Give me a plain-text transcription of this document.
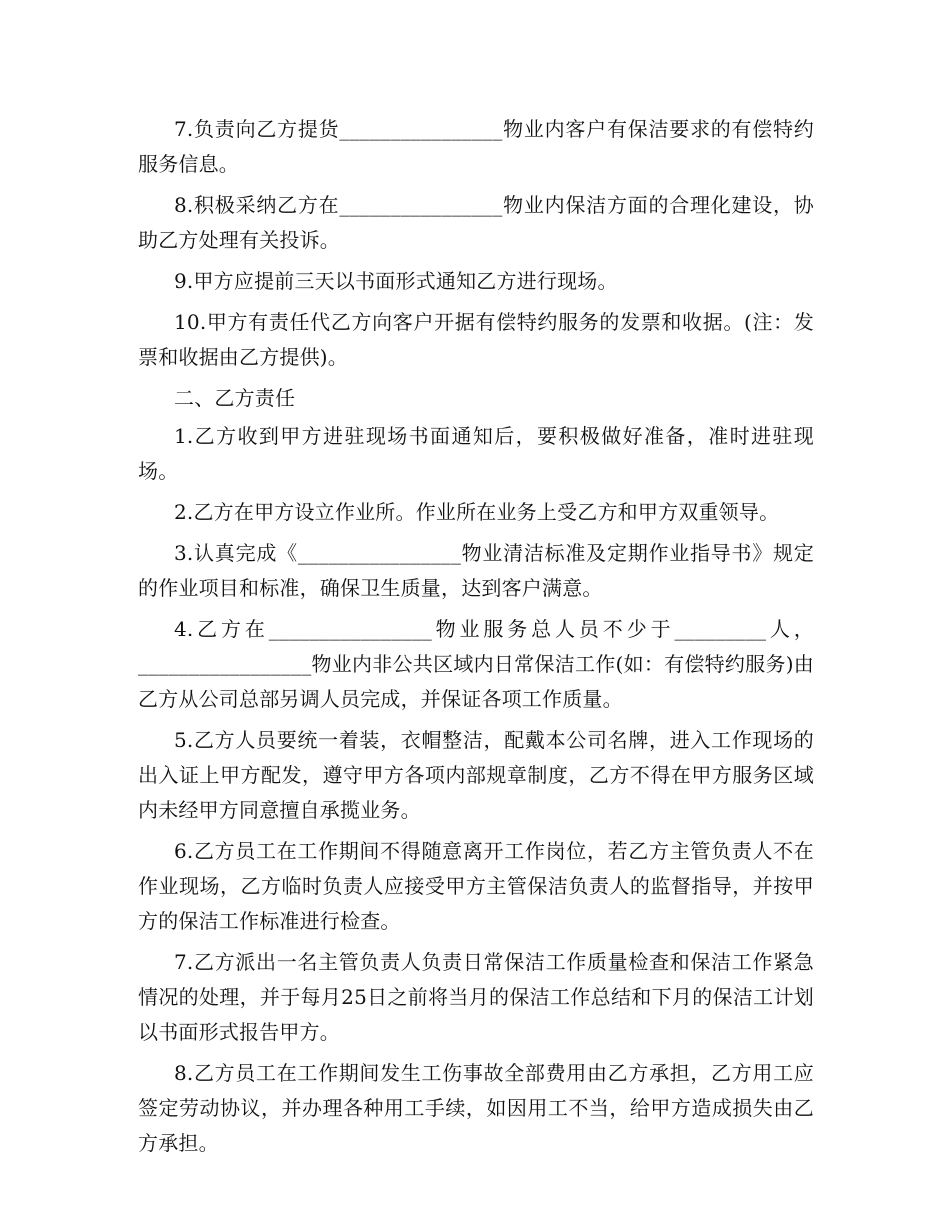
7.负责向乙方提货________________物业内客户有保洁要求的有偿特约服务信息。

8.积极采纳乙方在________________物业内保洁方面的合理化建设，协助乙方处理有关投诉。

9.甲方应提前三天以书面形式通知乙方进行现场。

10.甲方有责任代乙方向客户开据有偿特约服务的发票和收据。(注：发票和收据由乙方提供)。

二、乙方责任

1.乙方收到甲方进驻现场书面通知后，要积极做好准备，准时进驻现场。

2.乙方在甲方设立作业所。作业所在业务上受乙方和甲方双重领导。

3.认真完成《________________物业清洁标准及定期作业指导书》规定的作业项目和标准，确保卫生质量，达到客户满意。

4.乙方在________________物业服务总人员不少于_________人，_________________物业内非公共区域内日常保洁工作(如：有偿特约服务)由乙方从公司总部另调人员完成，并保证各项工作质量。

5.乙方人员要统一着装，衣帽整洁，配戴本公司名牌，进入工作现场的出入证上甲方配发，遵守甲方各项内部规章制度，乙方不得在甲方服务区域内未经甲方同意擅自承揽业务。

6.乙方员工在工作期间不得随意离开工作岗位，若乙方主管负责人不在作业现场，乙方临时负责人应接受甲方主管保洁负责人的监督指导，并按甲方的保洁工作标准进行检查。

7.乙方派出一名主管负责人负责日常保洁工作质量检查和保洁工作紧急情况的处理，并于每月25日之前将当月的保洁工作总结和下月的保洁工计划以书面形式报告甲方。

8.乙方员工在工作期间发生工伤事故全部费用由乙方承担，乙方用工应签定劳动协议，并办理各种用工手续，如因用工不当，给甲方造成损失由乙方承担。
